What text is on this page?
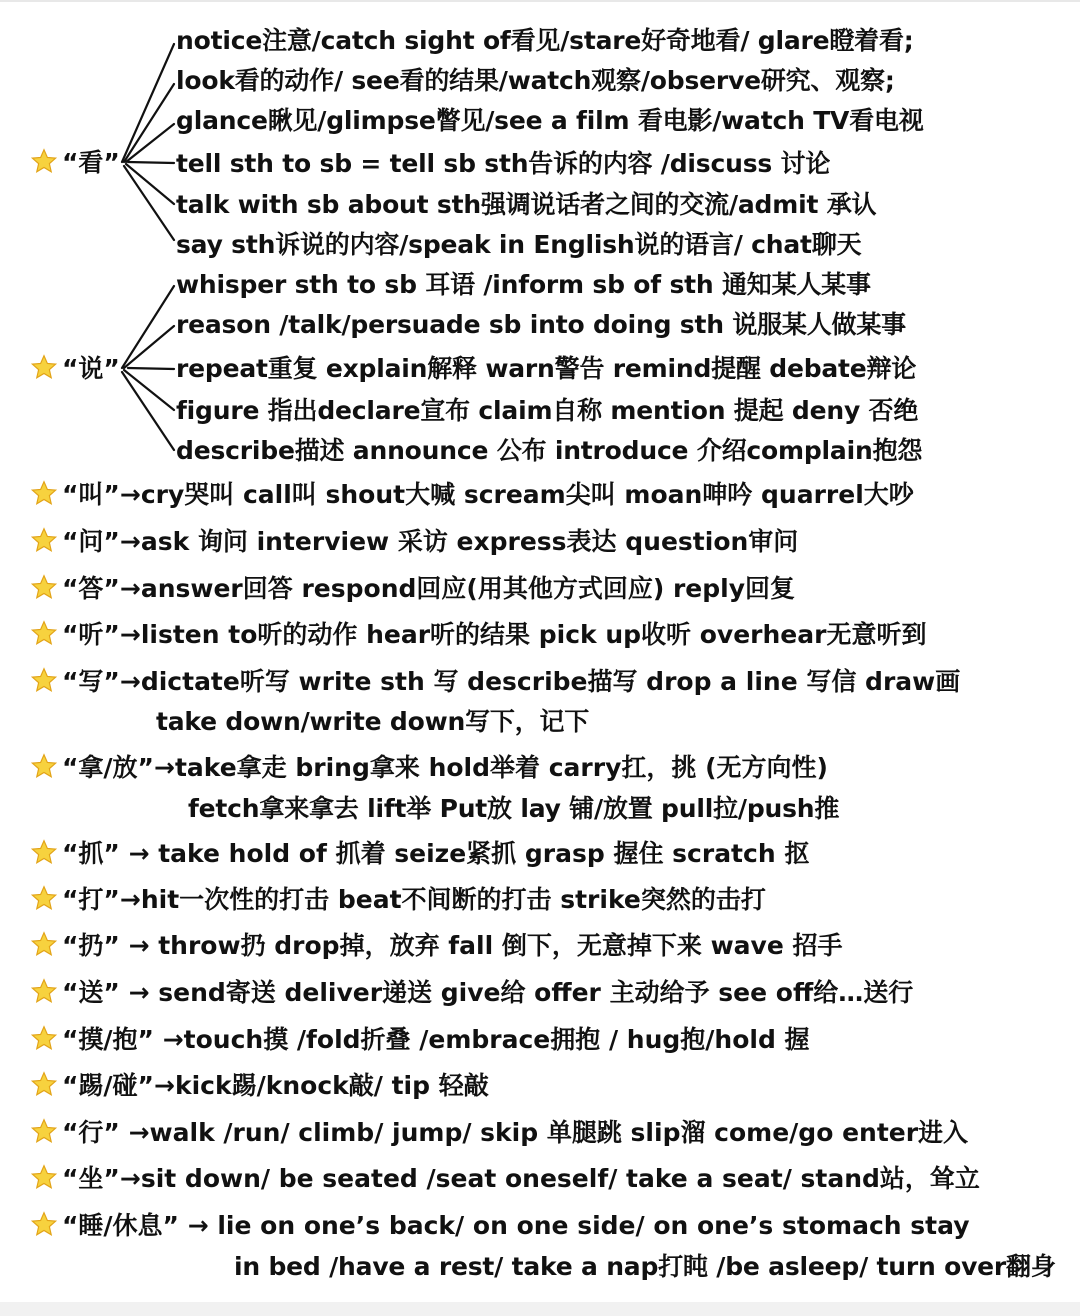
“看”
notice注意/catch sight of看见/stare好奇地看/ glare瞪着看;
look看的动作/ see看的结果/watch观察/observe研究、观察;
glance瞅见/glimpse瞥见/see a film 看电影/watch TV看电视
tell sth to sb = tell sb sth告诉的内容 /discuss 讨论
talk with sb about sth强调说话者之间的交流/admit 承认
say sth诉说的内容/speak in English说的语言/ chat聊天
“说”
whisper sth to sb 耳语 /inform sb of sth 通知某人某事
reason /talk/persuade sb into doing sth 说服某人做某事
repeat重复 explain解释 warn警告 remind提醒 debate辩论
figure 指出declare宣布 claim自称 mention 提起 deny 否绝
describe描述 announce 公布 introduce 介绍complain抱怨
“叫”→cry哭叫 call叫 shout大喊 scream尖叫 moan呻吟 quarrel大吵
“问”→ask 询问 interview 采访 express表达 question审问
“答”→answer回答 respond回应(用其他方式回应) reply回复
“听”→listen to听的动作 hear听的结果 pick up收听 overhear无意听到
“写”→dictate听写 write sth 写 describe描写 drop a line 写信 draw画
take down/write down写下，记下
“拿/放”→take拿走 bring拿来 hold举着 carry扛，挑 (无方向性)
fetch拿来拿去 lift举 Put放 lay 铺/放置 pull拉/push推
“抓” → take hold of 抓着 seize紧抓 grasp 握住 scratch 抠
“打”→hit一次性的打击 beat不间断的打击 strike突然的击打
“扔” → throw扔 drop掉，放弃 fall 倒下，无意掉下来 wave 招手
“送” → send寄送 deliver递送 give给 offer 主动给予 see off给…送行
“摸/抱” →touch摸 /fold折叠 /embrace拥抱 / hug抱/hold 握
“踢/碰”→kick踢/knock敲/ tip 轻敲
“行” →walk /run/ climb/ jump/ skip 单腿跳 slip溜 come/go enter进入
“坐”→sit down/ be seated /seat oneself/ take a seat/ stand站，耸立
“睡/休息” → lie on one’s back/ on one side/ on one’s stomach stay
in bed /have a rest/ take a nap打盹 /be asleep/ turn over翻身
